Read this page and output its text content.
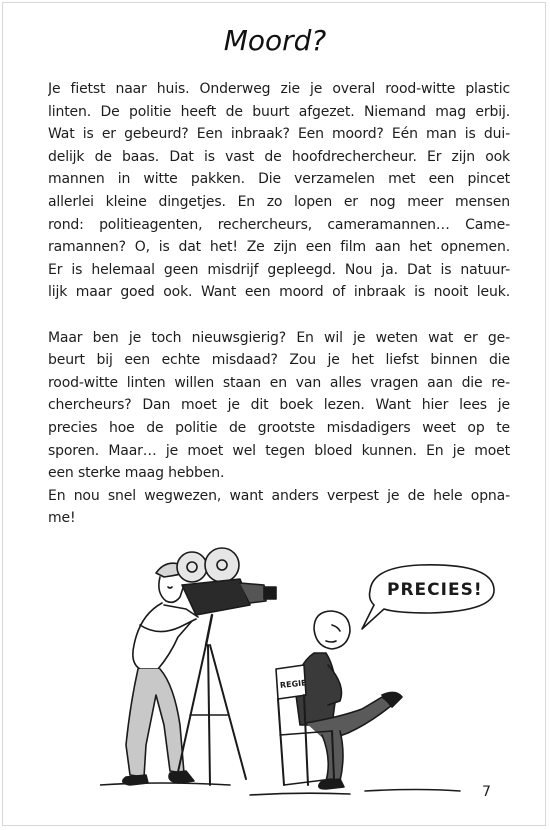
Moord?
Je fietst naar huis. Onderweg zie je overal rood-witte plastic
linten. De politie heeft de buurt afgezet. Niemand mag erbij.
Wat is er gebeurd? Een inbraak? Een moord? Eén man is dui-
delijk de baas. Dat is vast de hoofdrechercheur. Er zijn ook
mannen in witte pakken. Die verzamelen met een pincet
allerlei kleine dingetjes. En zo lopen er nog meer mensen
rond: politieagenten, rechercheurs, cameramannen… Came-
ramannen? O, is dat het! Ze zijn een film aan het opnemen.
Er is helemaal geen misdrijf gepleegd. Nou ja. Dat is natuur-
lijk maar goed ook. Want een moord of inbraak is nooit leuk.
Maar ben je toch nieuwsgierig? En wil je weten wat er ge-
beurt bij een echte misdaad? Zou je het liefst binnen die
rood-witte linten willen staan en van alles vragen aan die re-
chercheurs? Dan moet je dit boek lezen. Want hier lees je
precies hoe de politie de grootste misdadigers weet op te
sporen. Maar… je moet wel tegen bloed kunnen. En je moet
een sterke maag hebben.
En nou snel wegwezen, want anders verpest je de hele opna-
me!
PRECIES!
REGIE
7
